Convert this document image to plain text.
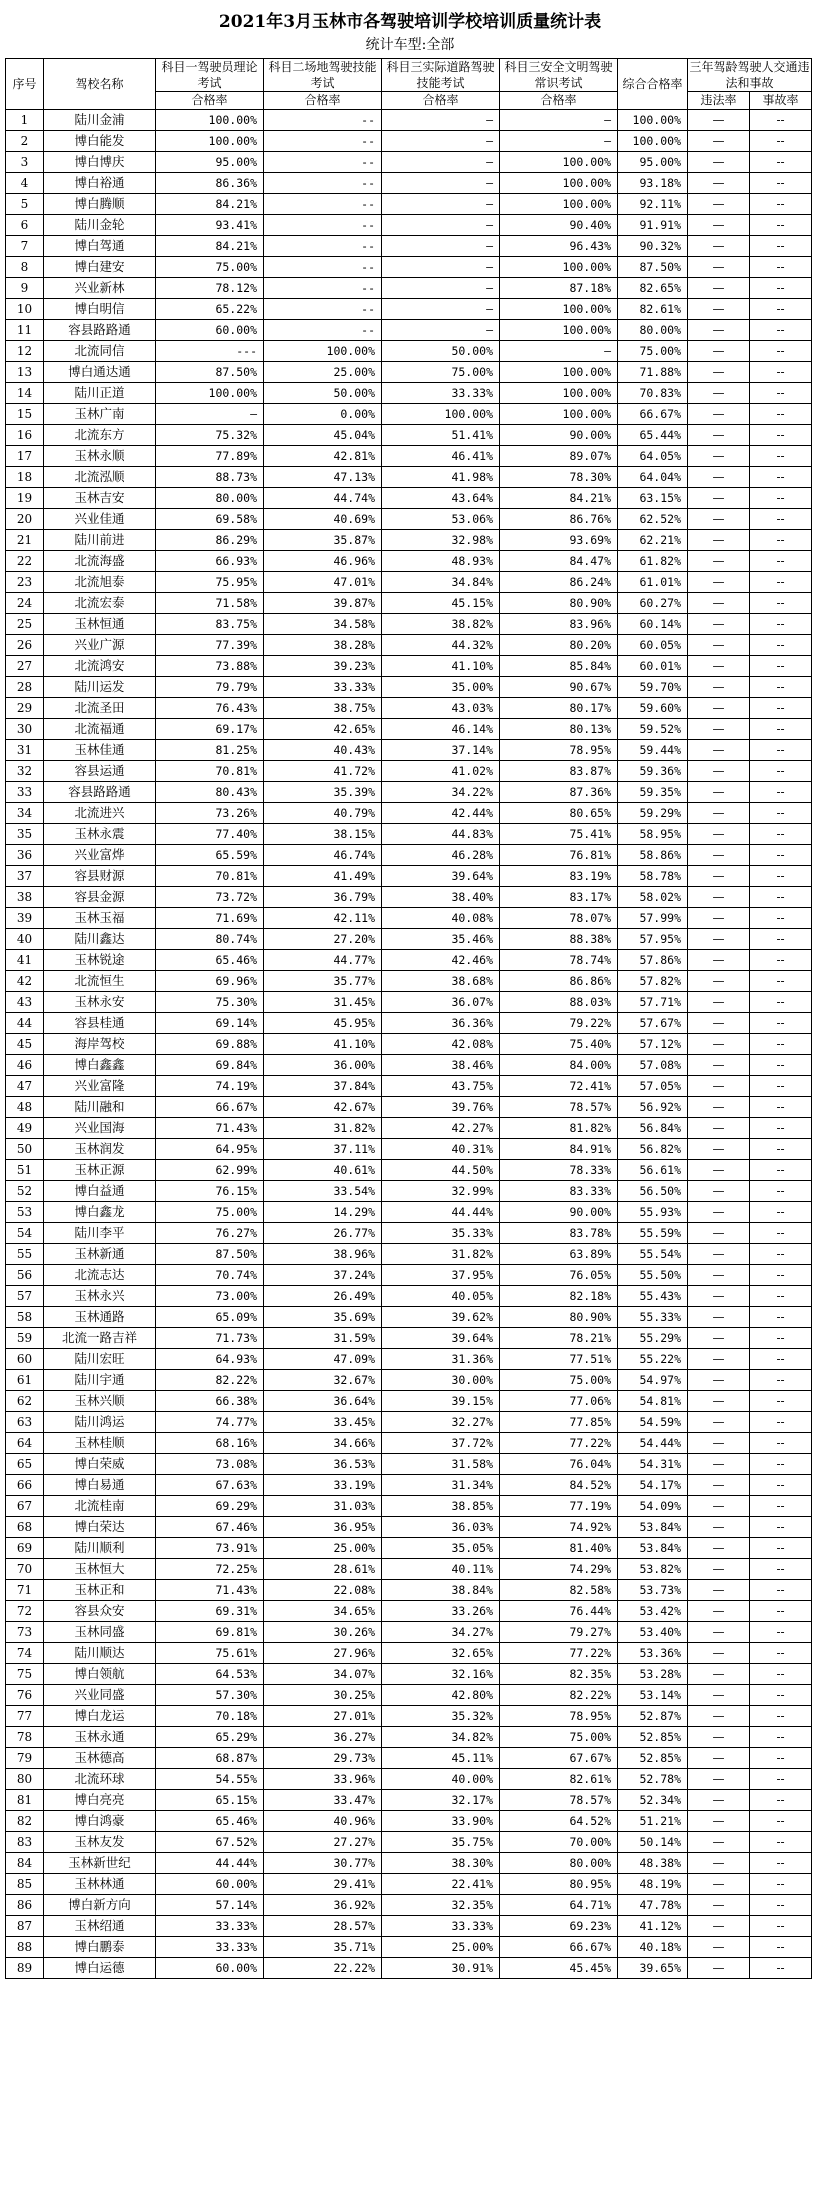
2021年3月玉林市各驾驶培训学校培训质量统计表
统计车型:全部
序号	驾校名称	科目一驾驶员理论考试	科目二场地驾驶技能考试	科目三实际道路驾驶技能考试	科目三安全文明驾驶常识考试	综合合格率	三年驾龄驾驶人交通违法和事故	
		合格率	合格率	合格率	合格率		违法率	事故率
1	陆川金浦	100.00%	--	—	—	100.00%	—	--
2	博白能发	100.00%	--	—	—	100.00%	—	--
3	博白博庆	95.00%	--	—	100.00%	95.00%	—	--
4	博白裕通	86.36%	--	—	100.00%	93.18%	—	--
5	博白腾顺	84.21%	--	—	100.00%	92.11%	—	--
6	陆川金轮	93.41%	--	—	90.40%	91.91%	—	--
7	博白驾通	84.21%	--	—	96.43%	90.32%	—	--
8	博白建安	75.00%	--	—	100.00%	87.50%	—	--
9	兴业新林	78.12%	--	—	87.18%	82.65%	—	--
10	博白明信	65.22%	--	—	100.00%	82.61%	—	--
11	容县路路通	60.00%	--	—	100.00%	80.00%	—	--
12	北流同信	---	100.00%	50.00%	—	75.00%	—	--
13	博白通达通	87.50%	25.00%	75.00%	100.00%	71.88%	—	--
14	陆川正道	100.00%	50.00%	33.33%	100.00%	70.83%	—	--
15	玉林广南	—	0.00%	100.00%	100.00%	66.67%	—	--
16	北流东方	75.32%	45.04%	51.41%	90.00%	65.44%	—	--
17	玉林永顺	77.89%	42.81%	46.41%	89.07%	64.05%	—	--
18	北流泓顺	88.73%	47.13%	41.98%	78.30%	64.04%	—	--
19	玉林吉安	80.00%	44.74%	43.64%	84.21%	63.15%	—	--
20	兴业佳通	69.58%	40.69%	53.06%	86.76%	62.52%	—	--
21	陆川前进	86.29%	35.87%	32.98%	93.69%	62.21%	—	--
22	北流海盛	66.93%	46.96%	48.93%	84.47%	61.82%	—	--
23	北流旭泰	75.95%	47.01%	34.84%	86.24%	61.01%	—	--
24	北流宏泰	71.58%	39.87%	45.15%	80.90%	60.27%	—	--
25	玉林恒通	83.75%	34.58%	38.82%	83.96%	60.14%	—	--
26	兴业广源	77.39%	38.28%	44.32%	80.20%	60.05%	—	--
27	北流鸿安	73.88%	39.23%	41.10%	85.84%	60.01%	—	--
28	陆川运发	79.79%	33.33%	35.00%	90.67%	59.70%	—	--
29	北流圣田	76.43%	38.75%	43.03%	80.17%	59.60%	—	--
30	北流福通	69.17%	42.65%	46.14%	80.13%	59.52%	—	--
31	玉林佳通	81.25%	40.43%	37.14%	78.95%	59.44%	—	--
32	容县运通	70.81%	41.72%	41.02%	83.87%	59.36%	—	--
33	容县路路通	80.43%	35.39%	34.22%	87.36%	59.35%	—	--
34	北流进兴	73.26%	40.79%	42.44%	80.65%	59.29%	—	--
35	玉林永震	77.40%	38.15%	44.83%	75.41%	58.95%	—	--
36	兴业富烨	65.59%	46.74%	46.28%	76.81%	58.86%	—	--
37	容县财源	70.81%	41.49%	39.64%	83.19%	58.78%	—	--
38	容县金源	73.72%	36.79%	38.40%	83.17%	58.02%	—	--
39	玉林玉福	71.69%	42.11%	40.08%	78.07%	57.99%	—	--
40	陆川鑫达	80.74%	27.20%	35.46%	88.38%	57.95%	—	--
41	玉林锐途	65.46%	44.77%	42.46%	78.74%	57.86%	—	--
42	北流恒生	69.96%	35.77%	38.68%	86.86%	57.82%	—	--
43	玉林永安	75.30%	31.45%	36.07%	88.03%	57.71%	—	--
44	容县桂通	69.14%	45.95%	36.36%	79.22%	57.67%	—	--
45	海岸驾校	69.88%	41.10%	42.08%	75.40%	57.12%	—	--
46	博白鑫鑫	69.84%	36.00%	38.46%	84.00%	57.08%	—	--
47	兴业富隆	74.19%	37.84%	43.75%	72.41%	57.05%	—	--
48	陆川融和	66.67%	42.67%	39.76%	78.57%	56.92%	—	--
49	兴业国海	71.43%	31.82%	42.27%	81.82%	56.84%	—	--
50	玉林润发	64.95%	37.11%	40.31%	84.91%	56.82%	—	--
51	玉林正源	62.99%	40.61%	44.50%	78.33%	56.61%	—	--
52	博白益通	76.15%	33.54%	32.99%	83.33%	56.50%	—	--
53	博白鑫龙	75.00%	14.29%	44.44%	90.00%	55.93%	—	--
54	陆川李平	76.27%	26.77%	35.33%	83.78%	55.59%	—	--
55	玉林新通	87.50%	38.96%	31.82%	63.89%	55.54%	—	--
56	北流志达	70.74%	37.24%	37.95%	76.05%	55.50%	—	--
57	玉林永兴	73.00%	26.49%	40.05%	82.18%	55.43%	—	--
58	玉林通路	65.09%	35.69%	39.62%	80.90%	55.33%	—	--
59	北流一路吉祥	71.73%	31.59%	39.64%	78.21%	55.29%	—	--
60	陆川宏旺	64.93%	47.09%	31.36%	77.51%	55.22%	—	--
61	陆川宇通	82.22%	32.67%	30.00%	75.00%	54.97%	—	--
62	玉林兴顺	66.38%	36.64%	39.15%	77.06%	54.81%	—	--
63	陆川鸿运	74.77%	33.45%	32.27%	77.85%	54.59%	—	--
64	玉林桂顺	68.16%	34.66%	37.72%	77.22%	54.44%	—	--
65	博白荣威	73.08%	36.53%	31.58%	76.04%	54.31%	—	--
66	博白易通	67.63%	33.19%	31.34%	84.52%	54.17%	—	--
67	北流桂南	69.29%	31.03%	38.85%	77.19%	54.09%	—	--
68	博白荣达	67.46%	36.95%	36.03%	74.92%	53.84%	—	--
69	陆川顺利	73.91%	25.00%	35.05%	81.40%	53.84%	—	--
70	玉林恒大	72.25%	28.61%	40.11%	74.29%	53.82%	—	--
71	玉林正和	71.43%	22.08%	38.84%	82.58%	53.73%	—	--
72	容县众安	69.31%	34.65%	33.26%	76.44%	53.42%	—	--
73	玉林同盛	69.81%	30.26%	34.27%	79.27%	53.40%	—	--
74	陆川顺达	75.61%	27.96%	32.65%	77.22%	53.36%	—	--
75	博白领航	64.53%	34.07%	32.16%	82.35%	53.28%	—	--
76	兴业同盛	57.30%	30.25%	42.80%	82.22%	53.14%	—	--
77	博白龙运	70.18%	27.01%	35.32%	78.95%	52.87%	—	--
78	玉林永通	65.29%	36.27%	34.82%	75.00%	52.85%	—	--
79	玉林德高	68.87%	29.73%	45.11%	67.67%	52.85%	—	--
80	北流环球	54.55%	33.96%	40.00%	82.61%	52.78%	—	--
81	博白亮亮	65.15%	33.47%	32.17%	78.57%	52.34%	—	--
82	博白鸿豪	65.46%	40.96%	33.90%	64.52%	51.21%	—	--
83	玉林友发	67.52%	27.27%	35.75%	70.00%	50.14%	—	--
84	玉林新世纪	44.44%	30.77%	38.30%	80.00%	48.38%	—	--
85	玉林林通	60.00%	29.41%	22.41%	80.95%	48.19%	—	--
86	博白新方向	57.14%	36.92%	32.35%	64.71%	47.78%	—	--
87	玉林绍通	33.33%	28.57%	33.33%	69.23%	41.12%	—	--
88	博白鹏泰	33.33%	35.71%	25.00%	66.67%	40.18%	—	--
89	博白运德	60.00%	22.22%	30.91%	45.45%	39.65%	—	--
